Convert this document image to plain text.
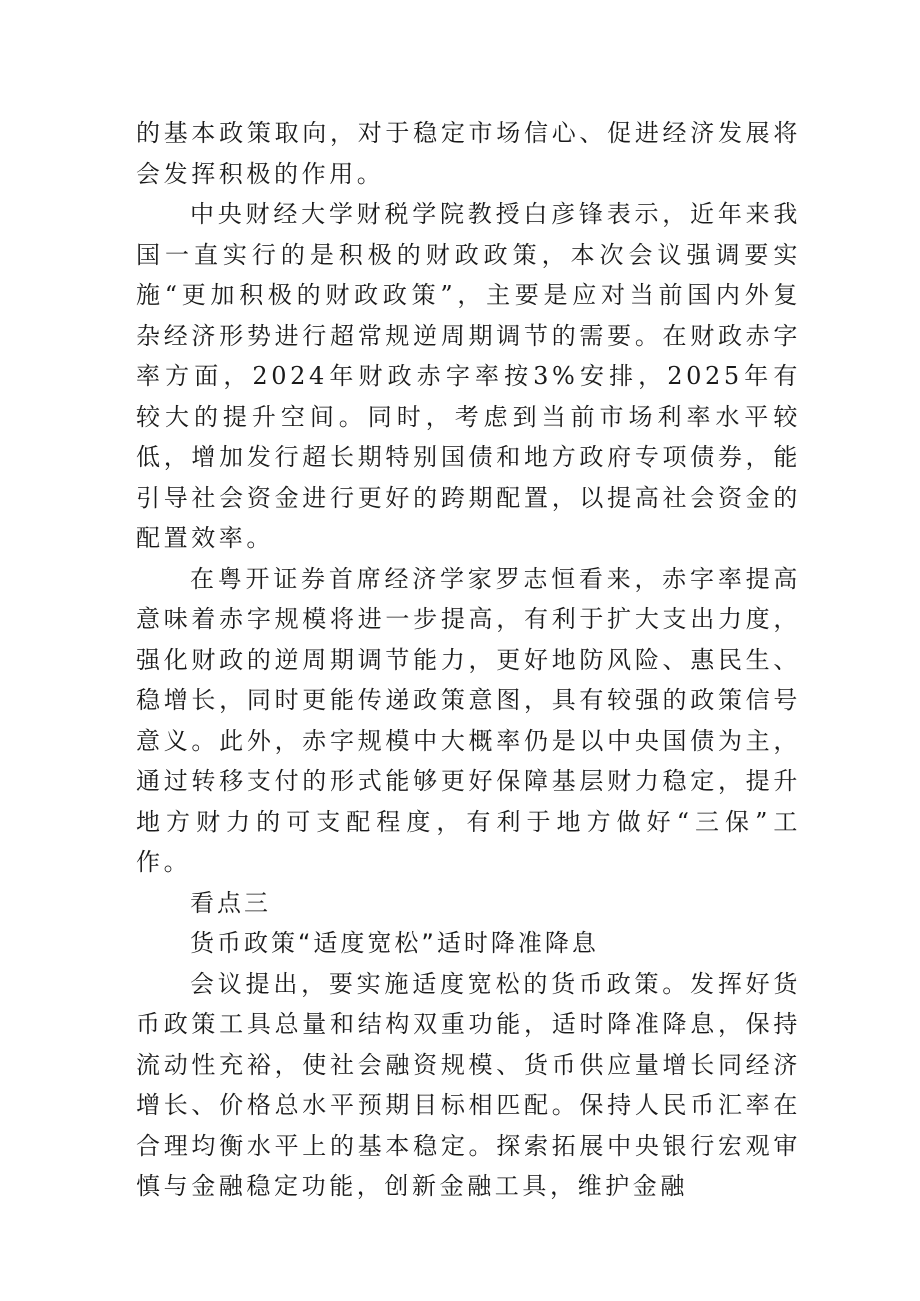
的基本政策取向，对于稳定市场信心、促进经济发展将会发挥积极的作用。

中央财经大学财税学院教授白彦锋表示，近年来我国一直实行的是积极的财政政策，本次会议强调要实施“更加积极的财政政策”，主要是应对当前国内外复杂经济形势进行超常规逆周期调节的需要。在财政赤字率方面，2024年财政赤字率按3%安排，2025年有较大的提升空间。同时，考虑到当前市场利率水平较低，增加发行超长期特别国债和地方政府专项债券，能引导社会资金进行更好的跨期配置，以提高社会资金的配置效率。

在粤开证券首席经济学家罗志恒看来，赤字率提高意味着赤字规模将进一步提高，有利于扩大支出力度，强化财政的逆周期调节能力，更好地防风险、惠民生、稳增长，同时更能传递政策意图，具有较强的政策信号意义。此外，赤字规模中大概率仍是以中央国债为主，通过转移支付的形式能够更好保障基层财力稳定，提升地方财力的可支配程度，有利于地方做好“三保”工作。

看点三

货币政策“适度宽松”适时降准降息

会议提出，要实施适度宽松的货币政策。发挥好货币政策工具总量和结构双重功能，适时降准降息，保持流动性充裕，使社会融资规模、货币供应量增长同经济增长、价格总水平预期目标相匹配。保持人民币汇率在合理均衡水平上的基本稳定。探索拓展中央银行宏观审慎与金融稳定功能，创新金融工具，维护金融
